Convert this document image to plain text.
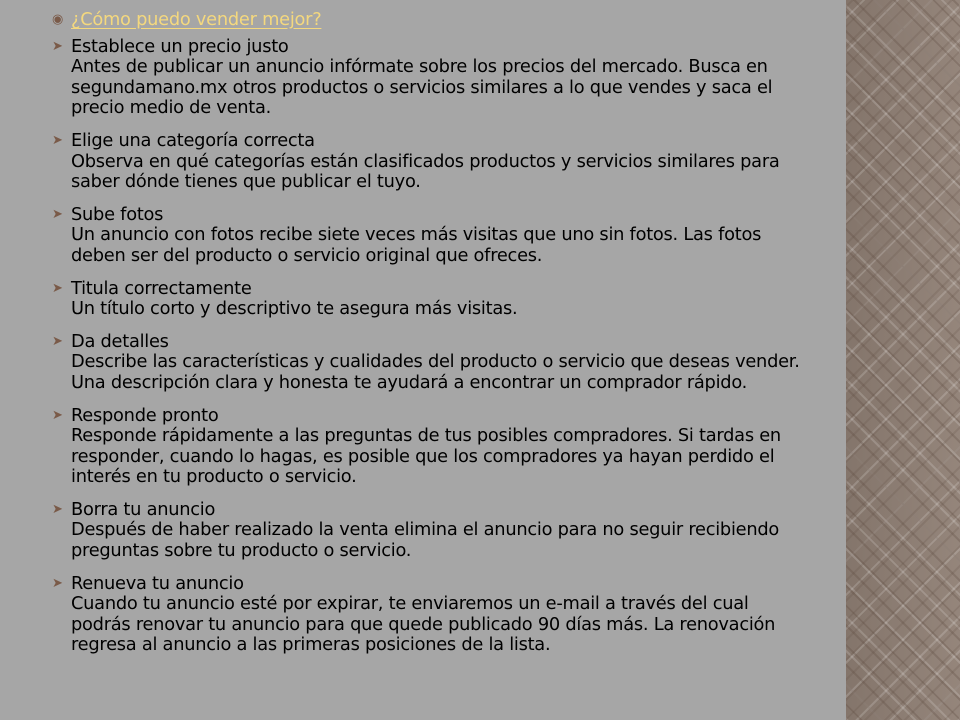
◉ ¿Cómo puedo vender mejor?
➤ Establece un precio justo
Antes de publicar un anuncio infórmate sobre los precios del mercado. Busca en segundamano.mx otros productos o servicios similares a lo que vendes y saca el precio medio de venta.
➤ Elige una categoría correcta
Observa en qué categorías están clasificados productos y servicios similares para saber dónde tienes que publicar el tuyo.
➤ Sube fotos
Un anuncio con fotos recibe siete veces más visitas que uno sin fotos. Las fotos deben ser del producto o servicio original que ofreces.
➤ Titula correctamente
Un título corto y descriptivo te asegura más visitas.
➤ Da detalles
Describe las características y cualidades del producto o servicio que deseas vender. Una descripción clara y honesta te ayudará a encontrar un comprador rápido.
➤ Responde pronto
Responde rápidamente a las preguntas de tus posibles compradores. Si tardas en responder, cuando lo hagas, es posible que los compradores ya hayan perdido el interés en tu producto o servicio.
➤ Borra tu anuncio
Después de haber realizado la venta elimina el anuncio para no seguir recibiendo preguntas sobre tu producto o servicio.
➤ Renueva tu anuncio
Cuando tu anuncio esté por expirar, te enviaremos un e-mail a través del cual podrás renovar tu anuncio para que quede publicado 90 días más. La renovación regresa al anuncio a las primeras posiciones de la lista.
